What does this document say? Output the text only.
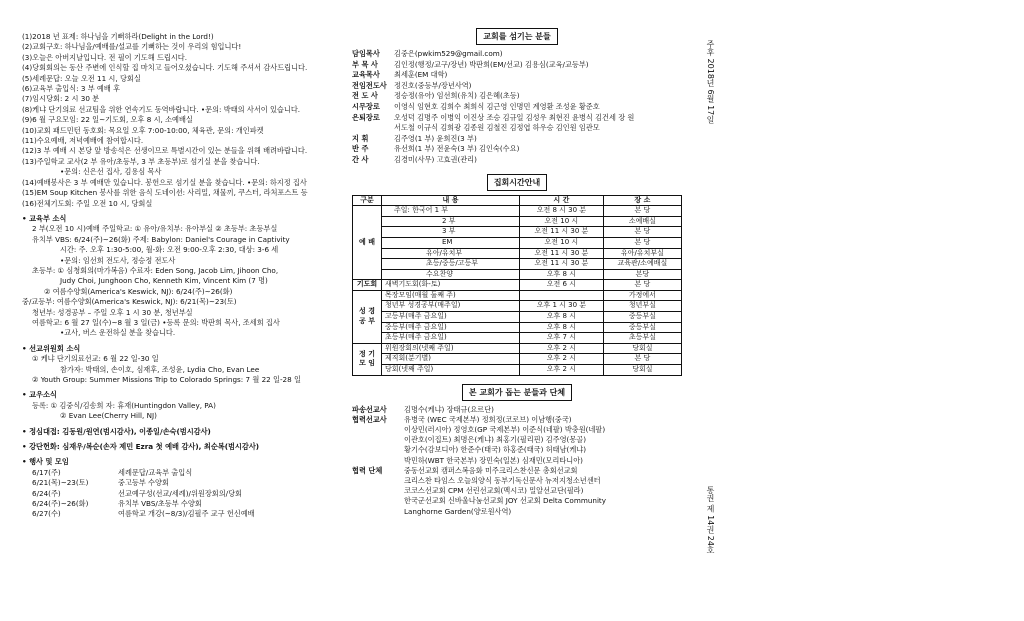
(1)2018 년 표제: 하나님을 기뻐하라(Delight in the Lord!)

(2)교회구호: 하나님을/예배를/설교를 기뻐하는 것이 우리의 힘입니다!

(3)오늘은 아버지날입니다. 전 필이 기도해 드립시다.

(4)당회회의는 동산 주변에 인식할 집 마치고 들어오셨습니다. 기도해 주셔서 감사드립니다.

(5)세례문답: 오늘 오전 11 시, 당회실

(6)교육부 출입식: 3 부 예배 후

(7)임시당회: 2 시 30 분

(8)케냐 단기의료 선교팀을 위한 연속기도 동역바랍니다. •문의: 박태의 사서이 있습니다.

(9)6 월 구요모임: 22 일~기도회, 오후 8 시, 소예배실

(10)교회 패드민턴 동호회: 목요일 오후 7:00-10:00, 체육관, 문의: 개인파켓

(11)수요예배, 저녁예배에 참여합시다.

(12)3 부 예배 시 본당 앞 방송석은 선생이므로 특별시간이 있는 분들을 위해 배려바랍니다.

(13)주일학교 교사(2 부 유아/초등부, 3 부 초등부)로 섬기실 분을 찾습니다.

•문의: 신은선 집사, 김용심 목사

(14)예배봉사은 3 부 예배만 있습니다. 봉헌으로 섬기실 분을 찾습니다. •문의: 하지정 집사

(15)EM Soup Kitchen 봉사를 위한 음식 도네이션: 사리밀, 채물끼, 쿠스터, 라처포스트 등

(16)전체기도회: 주일 오전 10 시, 당회실

• 교육부 소식

2 부(오전 10 시)예배 주일학교: ① 유아/유치부: 유아부실 ② 초등부: 초등부실

유치부 VBS: 6/24(주)~26(화) 주제: Babylon: Daniel's Courage in Captivity

시간: 주. 오후 1:30-5:00, 월-화: 오전 9:00-오후 2:30, 대상: 3-6 세

•문의: 임선희 전도사, 정승정 전도사

초등부: ① 심청회의(마가복음) 수료자: Eden Song, Jacob Lim, Jihoon Cho,

Judy Choi, Junghoon Cho, Kenneth Kim, Vincent Kim (7 명)

② 여름수양회(America's Keswick, NJ): 6/24(주)~26(화)

중/교등부: 여름수양회(America's Keswick, NJ): 6/21(목)~23(토)

청년부: 성경공부 – 주일 오후 1 시 30 분, 청년부실

여름학교: 6 월 27 일(수)~8 월 3 일(금) •등록 문의: 박판희 목사, 조세희 집사

•교사, 버스 운전하실 분을 찾습니다.

• 선교위원회 소식

① 케냐 단기의료선교: 6 월 22 일-30 일

참가자: 박태의, 손이호, 심재후, 조성윤, Lydia Cho, Evan Lee

② Youth Group: Summer Missions Trip to Colorado Springs: 7 월 22 일-28 일

• 교우소식

등록: ① 김중식/김송희 자: 휴재(Huntingdon Valley, PA)

② Evan Lee(Cherry Hill, NJ)

• 정심대접: 김동원/원연(범시감사), 이종일/손숙(범시감사)

• 강단헌화: 심재우/복순(손자 제민 Ezra 첫 예배 감사), 최순복(범시감사)

• 행사 및 모임

6/17(주)	세례문답/교육부 출입식
6/21(목)~23(토)	중고등부 수양회
6/24(주)	선교예구성(선교/세례)/위원장회의/당회
6/24(주)~26(화)	유치부 VBS/초등부 수양회
6/27(수)	여름학교 개강(~8/3)/김필주 교구 헌신예배
교회를 섬기는 분들

담임목사 김중은(pwkim529@gmail.com)

부 목 사 김인정(행정/교구/장년) 박판희(EM/선교) 김용심(교육/교등부)

교육목사 최세훈(EM 대학)

전임전도사 정진호(중등부/장년사역)

전 도 사 정승정(유아) 임선희(유치) 김은혜(초등)

시무장로 이영식 임현호 김희수 최희식 김근영 인명민 계영환 조성윤 황준호

은퇴장로 오성덕 김명주 이병익 이진상 조승 김규일 김성우 최현진 윤병식 김건세 장 원

서도철 이규식 김희광 김종원 김철진 김정엽 하우승 김인원 임관모

지 휘	김주영(1 부) 윤희진(3 부)

반 주	유선희(1 부) 전윤숙(3 부) 김인숙(수요)

간 사	김경미(사무) 고효권(관리)

집회시간안내
구분	내 용	시 간	장 소
예 배	주일: 한국어 1 부	오전 8 시 30 분	본 당
	2 부	오전 10 시	소예배실
	3 부	오전 11 시 30 분	본 당
	EM	오전 10 시	본 당
	유아/유치부	오전 11 시 30 분	유아/유치부실
	초등/중등/고등부	오전 11 시 30 분	교육관/소예배실
	수요찬양	오후 8 시	본당
기도회	새벽기도회(화-토)	오전 6 시	본 당
성 경 공 부	목장모임(매월 둘째 주)		가정에서
	청년부 성경공부(매주일)	오후 1 시 30 분	청년부실
	고등부(매주 금요일)	오후 8 시	중등부실
	중등부(매주 금요일)	오후 8 시	중등부실
	초등부(매주 금요일)	오후 7 시	초등부실
정 기 모 임	위원장회의(넷째 주일)	오후 2 시	당회실
	제직회(분기별)	오후 2 시	본 당
	당회(넷째 주일)	오후 2 시	당회실
본 교회가 돕는 분들과 단체

파송선교사 김명수(케냐) 장태규(요르단)

협력선교사 유병국 (WEC 국제본부) 정희정(코로브) 이남행(중국)

이상민(러시아) 정영호(GP 국제본부) 이준식(네팔) 박충원(네팔)

이관호(이집트) 최명은(케냐) 최홍기(필리핀) 김주영(몽골)

황기수(감보디아) 한준수(태국) 하홍준(태국) 허태남(케냐)

박민하(WBT 한국본부) 장민숙(일본) 심재민(모리타니아)

협력 단체	중동선교회 캠퍼스복음화 미주크리스찬신문 총회선교회

크리스찬 타임스 오늘의양식 동부기독신문사 뉴저지청소년센터

코코스선교회 CPM 선린선교회(멕시코) 밀알선교단(필라)

한국군선교회 신바울나눔선교회 JOY 선교회 Delta Community

Langhorne Garden(양로원사역)

주후 2018년 6월 17일
통권 제 14권 24호
